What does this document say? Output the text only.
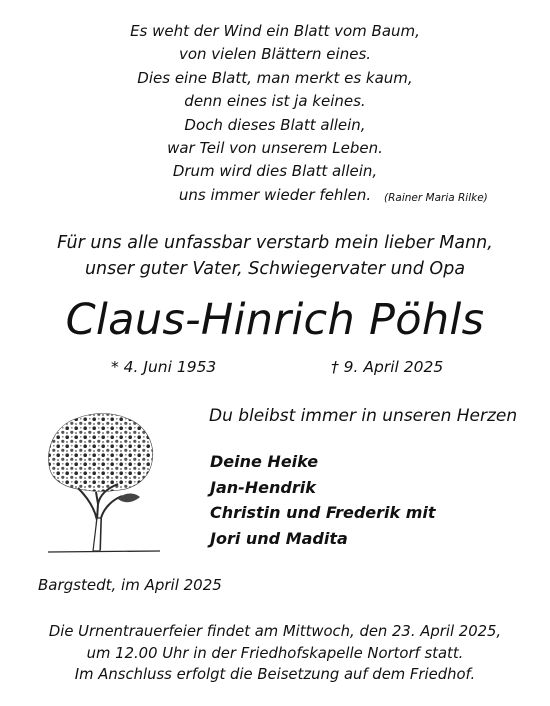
Es weht der Wind ein Blatt vom Baum,
von vielen Blättern eines.
Dies eine Blatt, man merkt es kaum,
denn eines ist ja keines.
Doch dieses Blatt allein,
war Teil von unserem Leben.
Drum wird dies Blatt allein,
uns immer wieder fehlen.	(Rainer Maria Rilke)
Für uns alle unfassbar verstarb mein lieber Mann,
unser guter Vater, Schwiegervater und Opa
Claus-Hinrich Pöhls
* 4. Juni 1953	† 9. April 2025
Du bleibst immer in unseren Herzen
Deine Heike
Jan-Hendrik
Christin und Frederik mit
Jori und Madita
Bargstedt, im April 2025
Die Urnentrauerfeier findet am Mittwoch, den 23. April 2025,
um 12.00 Uhr in der Friedhofskapelle Nortorf statt.
Im Anschluss erfolgt die Beisetzung auf dem Friedhof.
